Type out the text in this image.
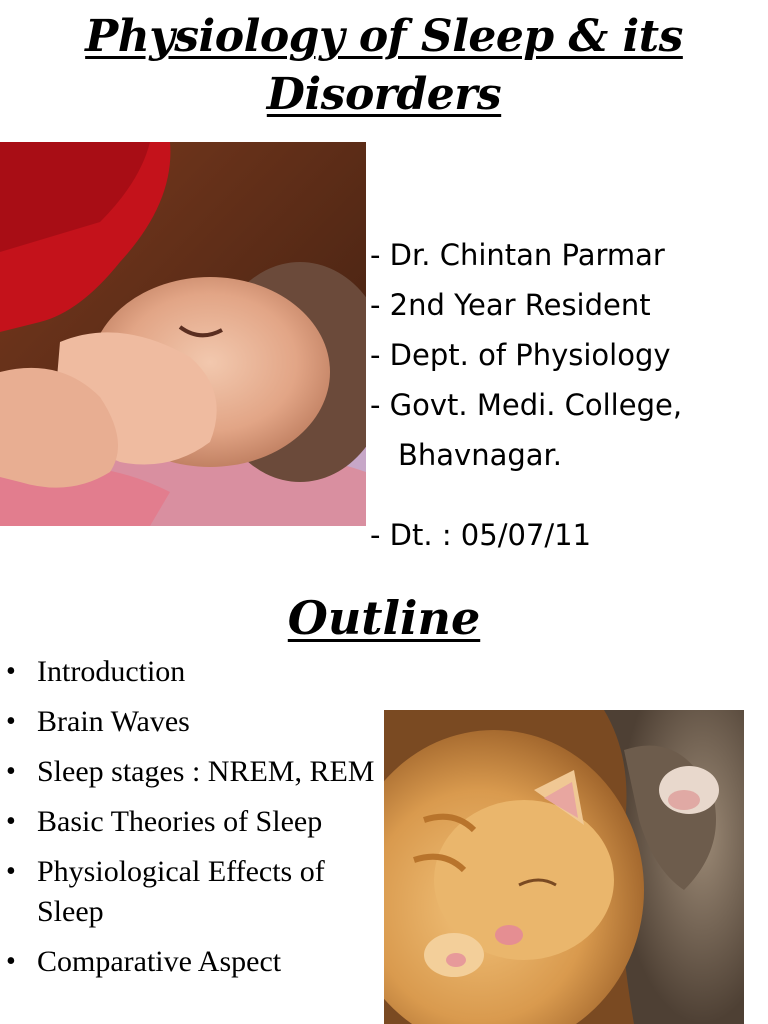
Physiology of Sleep & its
Disorders
- Dr. Chintan Parmar
- 2nd Year Resident
- Dept. of Physiology
- Govt. Medi. College,
Bhavnagar.
- Dt. : 05/07/11
Outline
• Introduction
• Brain Waves
• Sleep stages : NREM, REM
• Basic Theories of Sleep
• Physiological Effects of Sleep
• Comparative Aspect
